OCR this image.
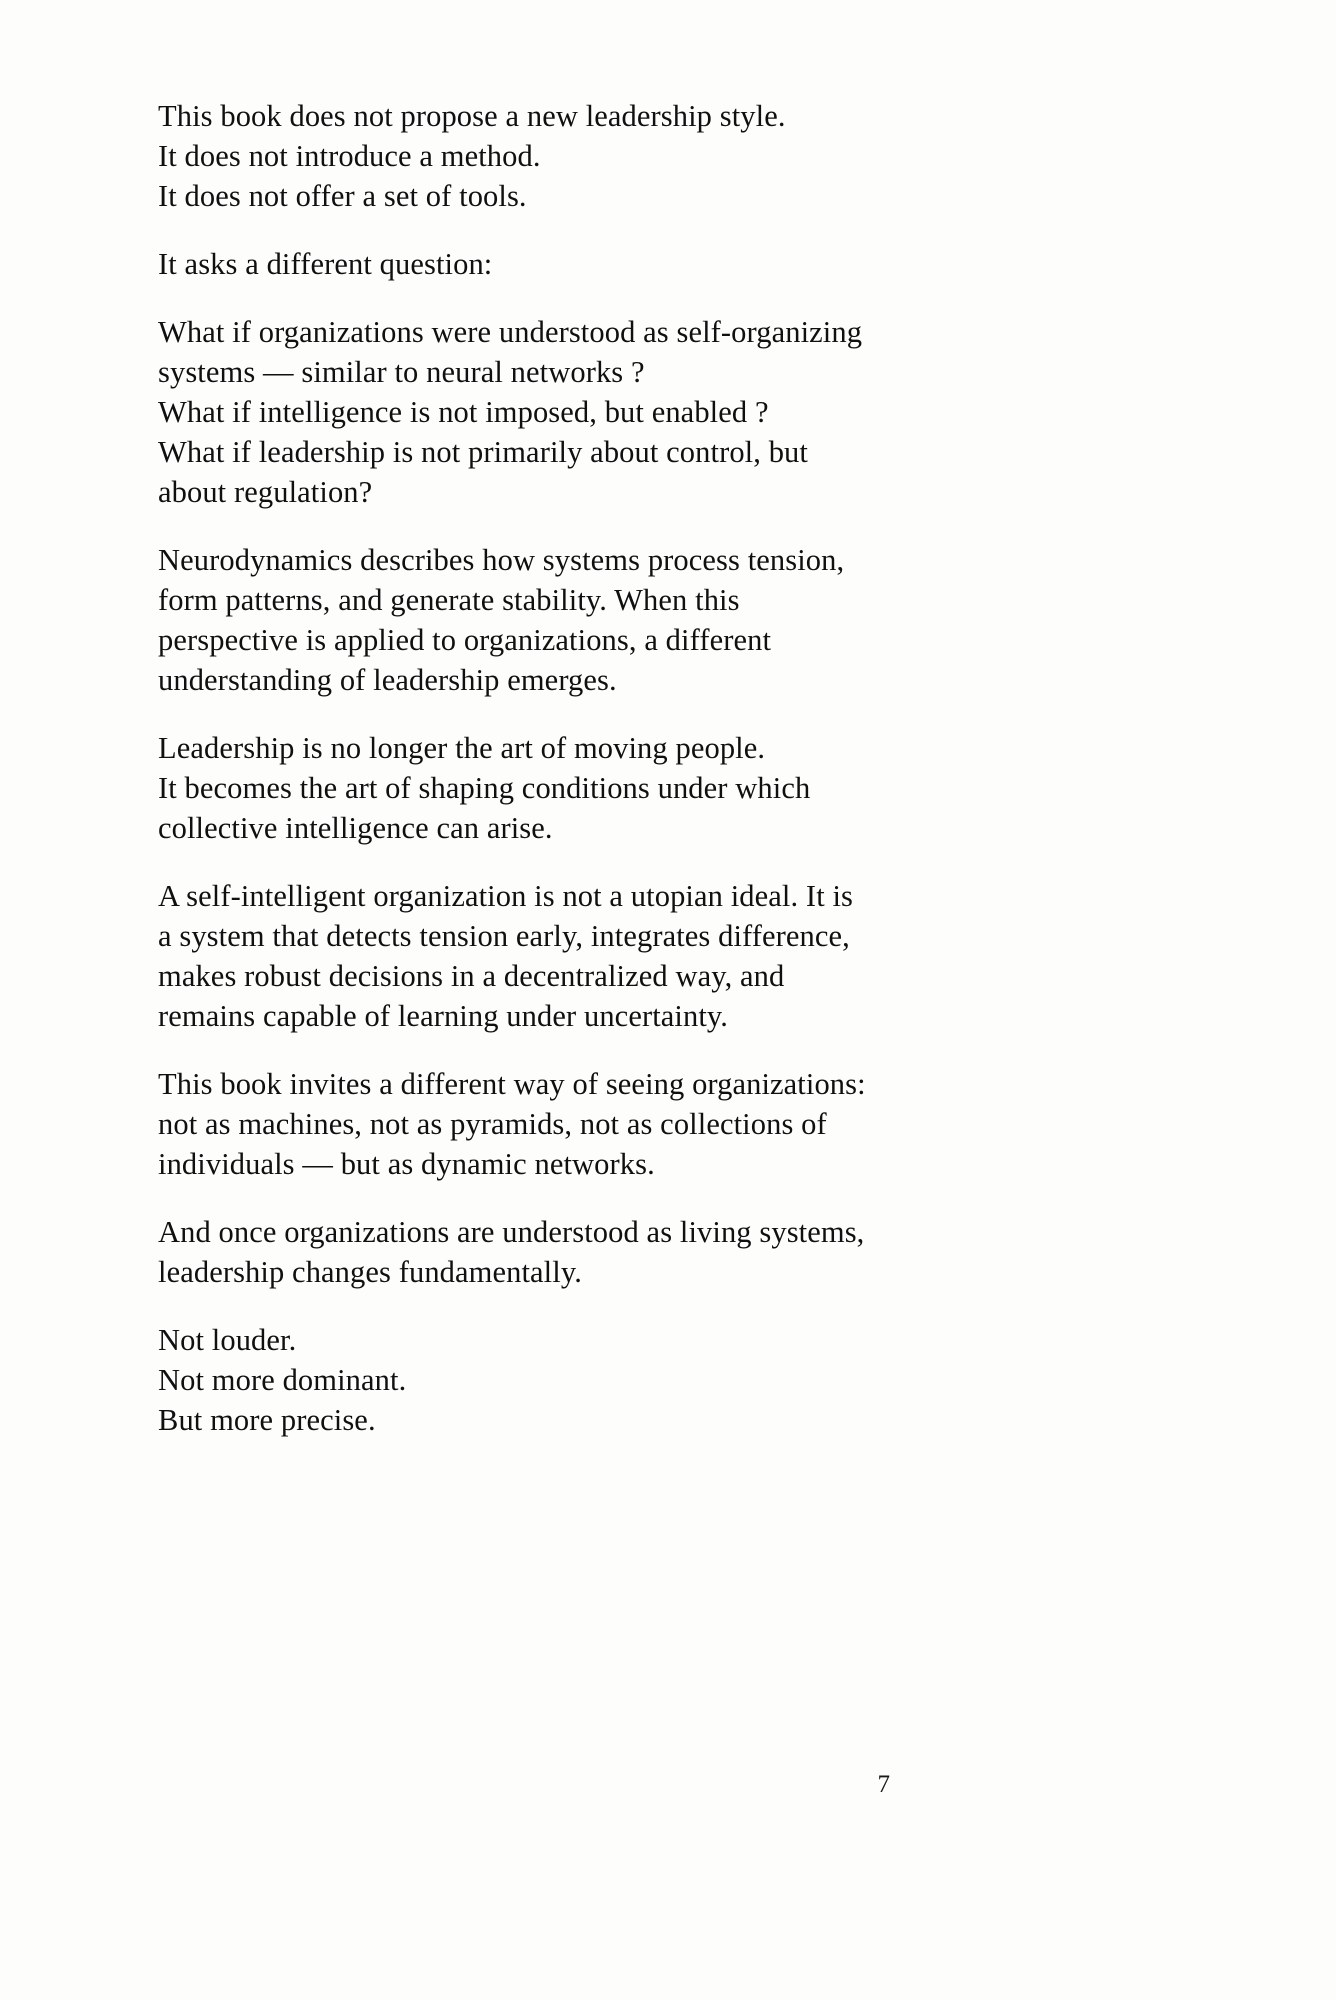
This book does not propose a new leadership style.
It does not introduce a method.
It does not offer a set of tools.

It asks a different question:

What if organizations were understood as self-organizing
systems — similar to neural networks ?
What if intelligence is not imposed, but enabled ?
What if leadership is not primarily about control, but
about regulation?

Neurodynamics describes how systems process tension,
form patterns, and generate stability. When this
perspective is applied to organizations, a different
understanding of leadership emerges.

Leadership is no longer the art of moving people.
It becomes the art of shaping conditions under which
collective intelligence can arise.

A self-intelligent organization is not a utopian ideal. It is
a system that detects tension early, integrates difference,
makes robust decisions in a decentralized way, and
remains capable of learning under uncertainty.

This book invites a different way of seeing organizations:
not as machines, not as pyramids, not as collections of
individuals — but as dynamic networks.

And once organizations are understood as living systems,
leadership changes fundamentally.

Not louder.
Not more dominant.
But more precise.

7
